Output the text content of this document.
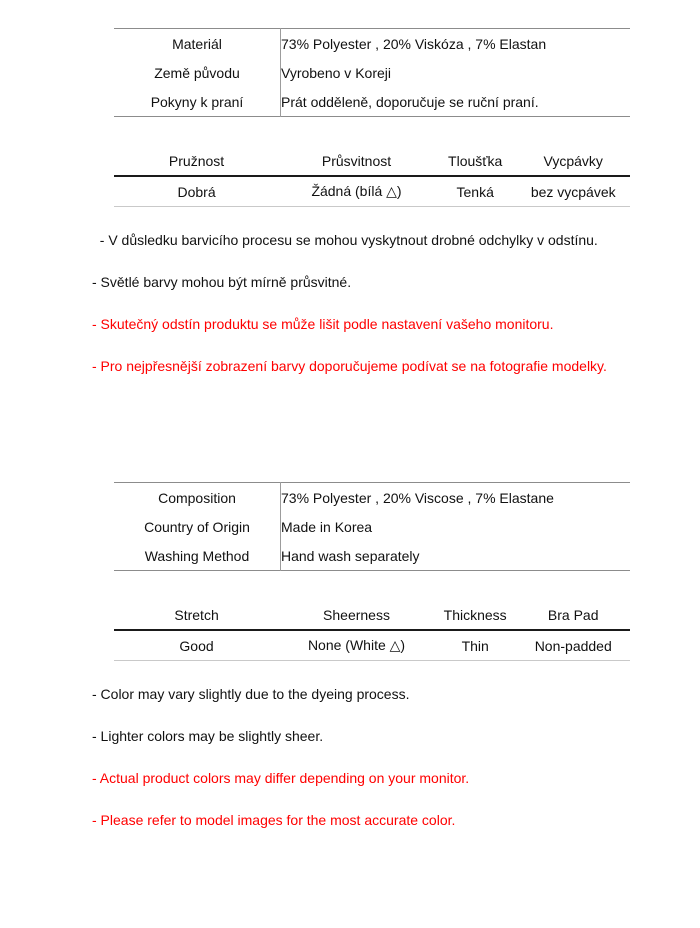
Materiál	73% Polyester , 20% Viskóza , 7% Elastan
Země původu	Vyrobeno v Koreji
Pokyny k praní	Prát odděleně, doporučuje se ruční praní.
Pružnost	Průsvitnost	Tloušťka	Vycpávky
Dobrá	Žádná (bílá △)	Tenká	bez vycpávek
- V důsledku barvicího procesu se mohou vyskytnout drobné odchylky v odstínu.
- Světlé barvy mohou být mírně průsvitné.
- Skutečný odstín produktu se může lišit podle nastavení vašeho monitoru.
- Pro nejpřesnější zobrazení barvy doporučujeme podívat se na fotografie modelky.
Composition	73% Polyester , 20% Viscose , 7% Elastane
Country of Origin	Made in Korea
Washing Method	Hand wash separately
Stretch	Sheerness	Thickness	Bra Pad
Good	None (White △)	Thin	Non-padded
- Color may vary slightly due to the dyeing process.
- Lighter colors may be slightly sheer.
- Actual product colors may differ depending on your monitor.
- Please refer to model images for the most accurate color.
